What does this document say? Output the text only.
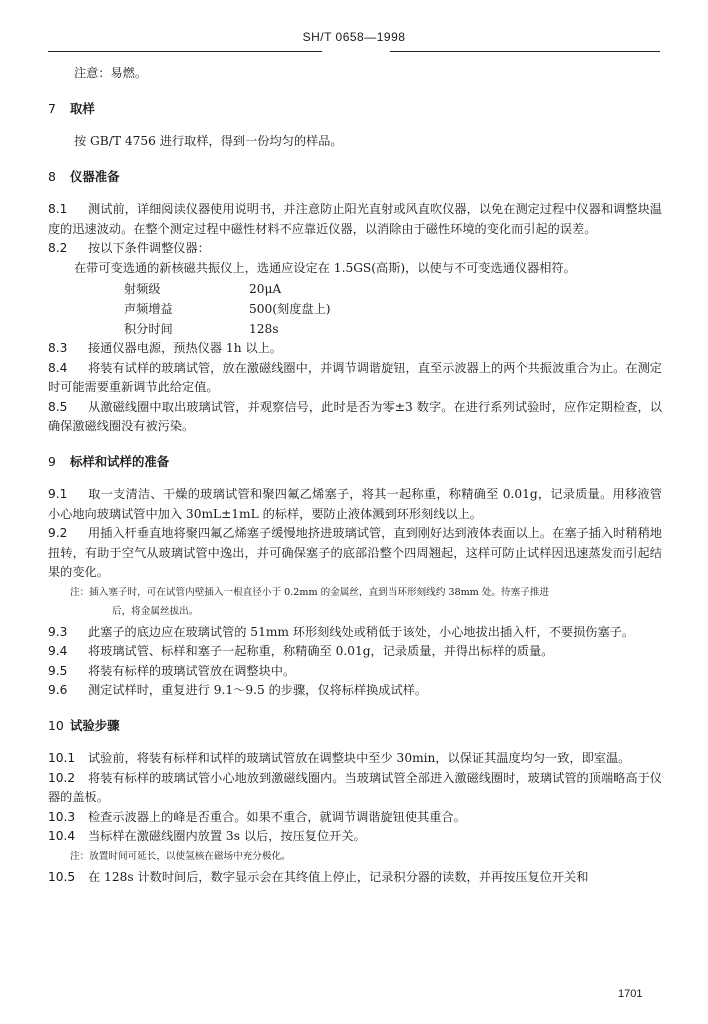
SH/T 0658—1998

注意：易燃。

7 取样

按 GB/T 4756 进行取样，得到一份均匀的样品。

8 仪器准备

8.1 测试前，详细阅读仪器使用说明书，并注意防止阳光直射或风直吹仪器，以免在测定过程中仪器和调整块温度的迅速波动。在整个测定过程中磁性材料不应靠近仪器，以消除由于磁性环境的变化而引起的误差。

8.2 按以下条件调整仪器：

在带可变选通的新核磁共振仪上，选通应设定在 1.5GS(高斯)，以使与不可变选通仪器相符。

射频级	20μA
声频增益	500(刻度盘上)
积分时间	128s

8.3 接通仪器电源，预热仪器 1h 以上。

8.4 将装有试样的玻璃试管，放在激磁线圈中，并调节调谐旋钮，直至示波器上的两个共振波重合为止。在测定时可能需要重新调节此给定值。

8.5 从激磁线圈中取出玻璃试管，并观察信号，此时是否为零±3 数字。在进行系列试验时，应作定期检查，以确保激磁线圈没有被污染。

9 标样和试样的准备

9.1 取一支清洁、干燥的玻璃试管和聚四氟乙烯塞子，将其一起称重，称精确至 0.01g，记录质量。用移液管小心地向玻璃试管中加入 30mL±1mL 的标样，要防止液体溅到环形刻线以上。

9.2 用插入杆垂直地将聚四氟乙烯塞子缓慢地挤进玻璃试管，直到刚好达到液体表面以上。在塞子插入时稍稍地扭转，有助于空气从玻璃试管中逸出，并可确保塞子的底部沿整个四周翘起，这样可防止试样因迅速蒸发而引起结果的变化。

注：插入塞子时，可在试管内壁插入一根直径小于 0.2mm 的金属丝，直到当环形刻线约 38mm 处。待塞子推进

后，将金属丝拔出。

9.3 此塞子的底边应在玻璃试管的 51mm 环形刻线处或稍低于该处，小心地拔出插入杆，不要损伤塞子。

9.4 将玻璃试管、标样和塞子一起称重，称精确至 0.01g，记录质量，并得出标样的质量。

9.5 将装有标样的玻璃试管放在调整块中。

9.6 测定试样时，重复进行 9.1～9.5 的步骤，仅将标样换成试样。

10 试验步骤

10.1 试验前，将装有标样和试样的玻璃试管放在调整块中至少 30min，以保证其温度均匀一致，即室温。

10.2 将装有标样的玻璃试管小心地放到激磁线圈内。当玻璃试管全部进入激磁线圈时，玻璃试管的顶端略高于仪器的盖板。

10.3 检查示波器上的峰是否重合。如果不重合，就调节调谐旋钮使其重合。

10.4 当标样在激磁线圈内放置 3s 以后，按压复位开关。

注：放置时间可延长，以使氢核在磁场中充分极化。

10.5 在 128s 计数时间后，数字显示会在其终值上停止，记录积分器的读数，并再按压复位开关和

1701
